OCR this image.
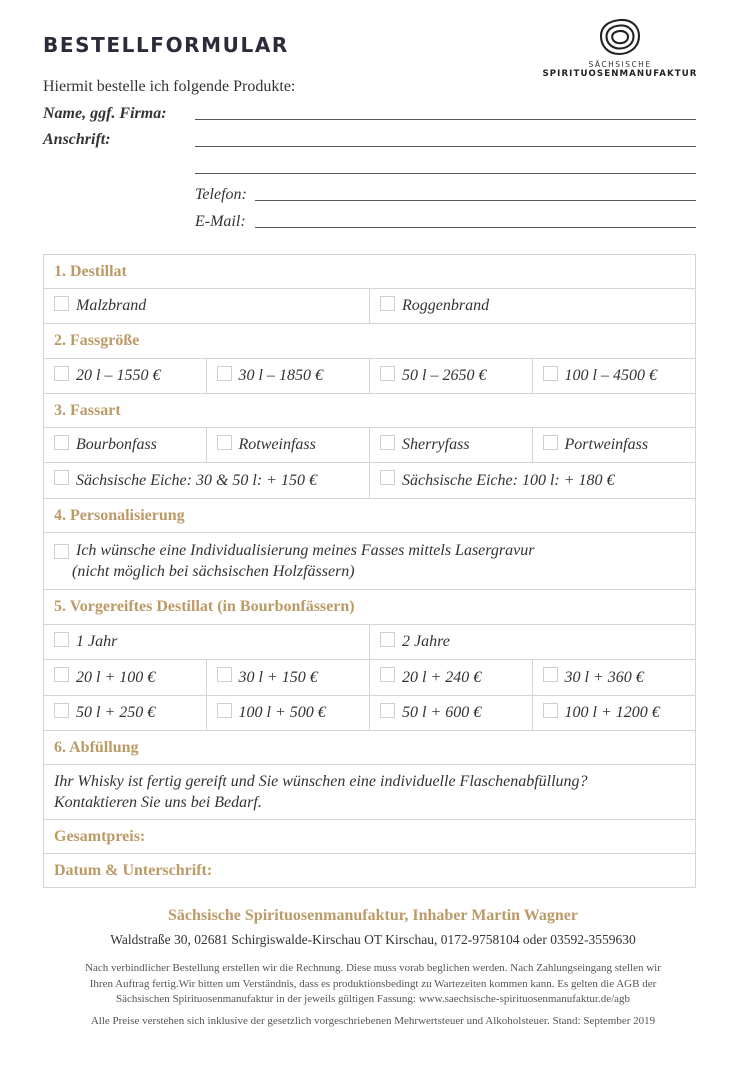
BESTELLFORMULAR
SÄCHSISCHE
SPIRITUOSENMANUFAKTUR
Hiermit bestelle ich folgende Produkte:
Name, ggf. Firma:
Anschrift:
Telefon:
E-Mail:
1. Destillat
Malzbrand	Roggenbrand
2. Fassgröße
20 l – 1550 €	30 l – 1850 €	50 l – 2650 €	100 l – 4500 €
3. Fassart
Bourbonfass	Rotweinfass	Sherryfass	Portweinfass
Sächsische Eiche: 30 & 50 l: + 150 €	Sächsische Eiche: 100 l: + 180 €
4. Personalisierung
Ich wünsche eine Individualisierung meines Fasses mittels Lasergravur
(nicht möglich bei sächsischen Holzfässern)
5. Vorgereiftes Destillat (in Bourbonfässern)
1 Jahr	2 Jahre
20 l + 100 €	30 l + 150 €	20 l + 240 €	30 l + 360 €
50 l + 250 €	100 l + 500 €	50 l + 600 €	100 l + 1200 €
6. Abfüllung
Ihr Whisky ist fertig gereift und Sie wünschen eine individuelle Flaschenabfüllung?
Kontaktieren Sie uns bei Bedarf.
Gesamtpreis:
Datum & Unterschrift:
Sächsische Spirituosenmanufaktur, Inhaber Martin Wagner
Waldstraße 30, 02681 Schirgiswalde-Kirschau OT Kirschau, 0172-9758104 oder 03592-3559630
Nach verbindlicher Bestellung erstellen wir die Rechnung. Diese muss vorab beglichen werden. Nach Zahlungseingang stellen wir
Ihren Auftrag fertig.Wir bitten um Verständnis, dass es produktionsbedingt zu Wartezeiten kommen kann. Es gelten die AGB der
Sächsischen Spirituosenmanufaktur in der jeweils gültigen Fassung: www.saechsische-spirituosenmanufaktur.de/agb
Alle Preise verstehen sich inklusive der gesetzlich vorgeschriebenen Mehrwertsteuer und Alkoholsteuer. Stand: September 2019
